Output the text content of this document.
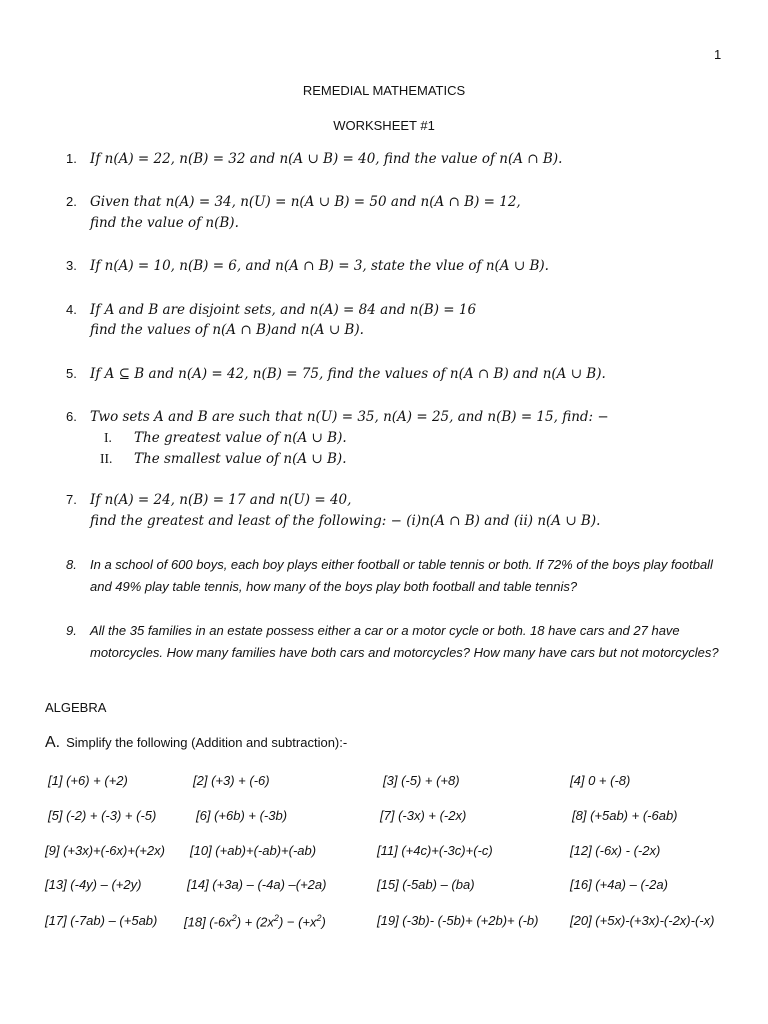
1
REMEDIAL MATHEMATICS
WORKSHEET #1
1. If n(A) = 22, n(B) = 32 and n(A ∪ B) = 40, find the value of n(A ∩ B).
2. Given that n(A) = 34, n(U) = n(A ∪ B) = 50 and n(A ∩ B) = 12,
find the value of n(B).
3. If n(A) = 10, n(B) = 6, and n(A ∩ B) = 3, state the vlue of n(A ∪ B).
4. If A and B are disjoint sets, and n(A) = 84 and n(B) = 16
find the values of n(A ∩ B)and n(A ∪ B).
5. If A ⊆ B and n(A) = 42, n(B) = 75, find the values of n(A ∩ B) and n(A ∪ B).
6. Two sets A and B are such that n(U) = 35, n(A) = 25, and n(B) = 15, find: −
I. The greatest value of n(A ∪ B).
II. The smallest value of n(A ∪ B).
7. If n(A) = 24, n(B) = 17 and n(U) = 40,
find the greatest and least of the following: − (i)n(A ∩ B) and (ii) n(A ∪ B).
8. In a school of 600 boys, each boy plays either football or table tennis or both. If 72% of the boys play football and 49% play table tennis, how many of the boys play both football and table tennis?
9. All the 35 families in an estate possess either a car or a motor cycle or both. 18 have cars and 27 have motorcycles. How many families have both cars and motorcycles? How many have cars but not motorcycles?
ALGEBRA
A. Simplify the following (Addition and subtraction):-
[1] (+6) + (+2)	[2] (+3) + (-6)	[3] (-5) + (+8)	[4] 0 + (-8)
[5] (-2) + (-3) + (-5)	[6] (+6b) + (-3b)	[7] (-3x) + (-2x)	[8] (+5ab) + (-6ab)
[9] (+3x)+(-6x)+(+2x) [10] (+ab)+(-ab)+(-ab)	[11] (+4c)+(-3c)+(-c)	[12] (-6x) - (-2x)
[13] (-4y) – (+2y)	[14] (+3a) – (-4a) –(+2a)	[15] (-5ab) – (ba)	[16] (+4a) – (-2a)
[17] (-7ab) – (+5ab) [18] $(-6x^2) + (2x^2) - (+x^2)$	[19] (-3b)- (-5b)+ (+2b)+ (-b) [20] (+5x)-(+3x)-(-2x)-(-x)
